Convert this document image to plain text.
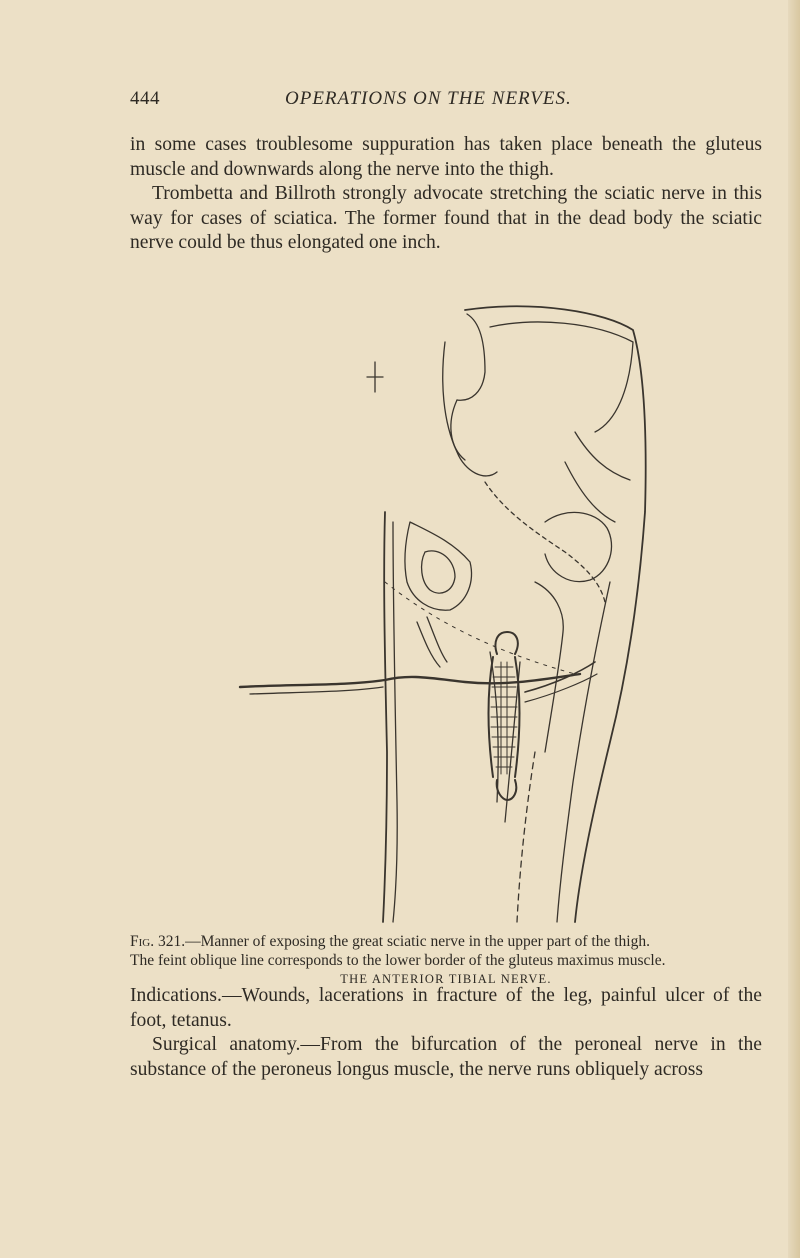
444	OPERATIONS ON THE NERVES.

in some cases troublesome suppuration has taken place beneath the gluteus muscle and downwards along the nerve into the thigh.

Trombetta and Billroth strongly advocate stretching the sciatic nerve in this way for cases of sciatica. The former found that in the dead body the sciatic nerve could be thus elongated one inch.

Fig. 321.—Manner of exposing the great sciatic nerve in the upper part of the thigh.

The feint oblique line corresponds to the lower border of the gluteus maximus muscle.

THE ANTERIOR TIBIAL NERVE.

Indications.—Wounds, lacerations in fracture of the leg, painful ulcer of the foot, tetanus.

Surgical anatomy.—From the bifurcation of the peroneal nerve in the substance of the peroneus longus muscle, the nerve runs obliquely across
